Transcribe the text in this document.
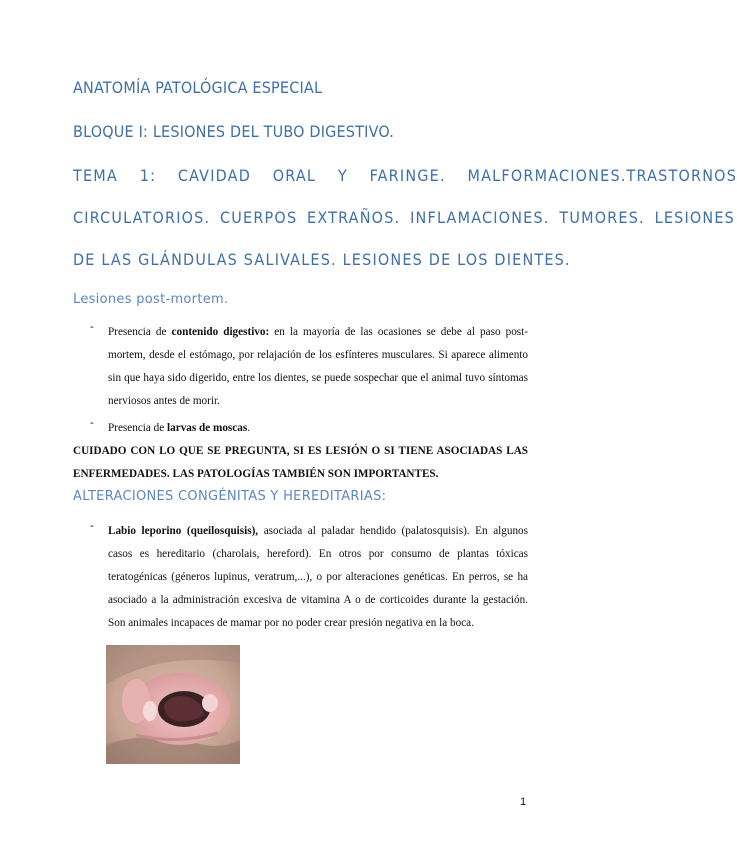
ANATOMÍA PATOLÓGICA ESPECIAL
BLOQUE I: LESIONES DEL TUBO DIGESTIVO.
TEMA 1: CAVIDAD ORAL Y FARINGE. MALFORMACIONES.TRASTORNOS
CIRCULATORIOS. CUERPOS EXTRAÑOS. INFLAMACIONES. TUMORES. LESIONES
DE LAS GLÁNDULAS SALIVALES. LESIONES DE LOS DIENTES.
Lesiones post-mortem.
- Presencia de contenido digestivo: en la mayoría de las ocasiones se debe al paso post-mortem, desde el estómago, por relajación de los esfínteres musculares. Si aparece alimento sin que haya sido digerido, entre los dientes, se puede sospechar que el animal tuvo síntomas nerviosos antes de morir.
- Presencia de larvas de moscas.
CUIDADO CON LO QUE SE PREGUNTA, SI ES LESIÓN O SI TIENE ASOCIADAS LAS ENFERMEDADES. LAS PATOLOGÍAS TAMBIÉN SON IMPORTANTES.
ALTERACIONES CONGÉNITAS Y HEREDITARIAS:
- Labio leporino (queilosquisis), asociada al paladar hendido (palatosquisis). En algunos casos es hereditario (charolais, hereford). En otros por consumo de plantas tóxicas teratogénicas (géneros lupinus, veratrum,...), o por alteraciones genéticas. En perros, se ha asociado a la administración excesiva de vitamina A o de corticoides durante la gestación. Son animales incapaces de mamar por no poder crear presión negativa en la boca.
1
